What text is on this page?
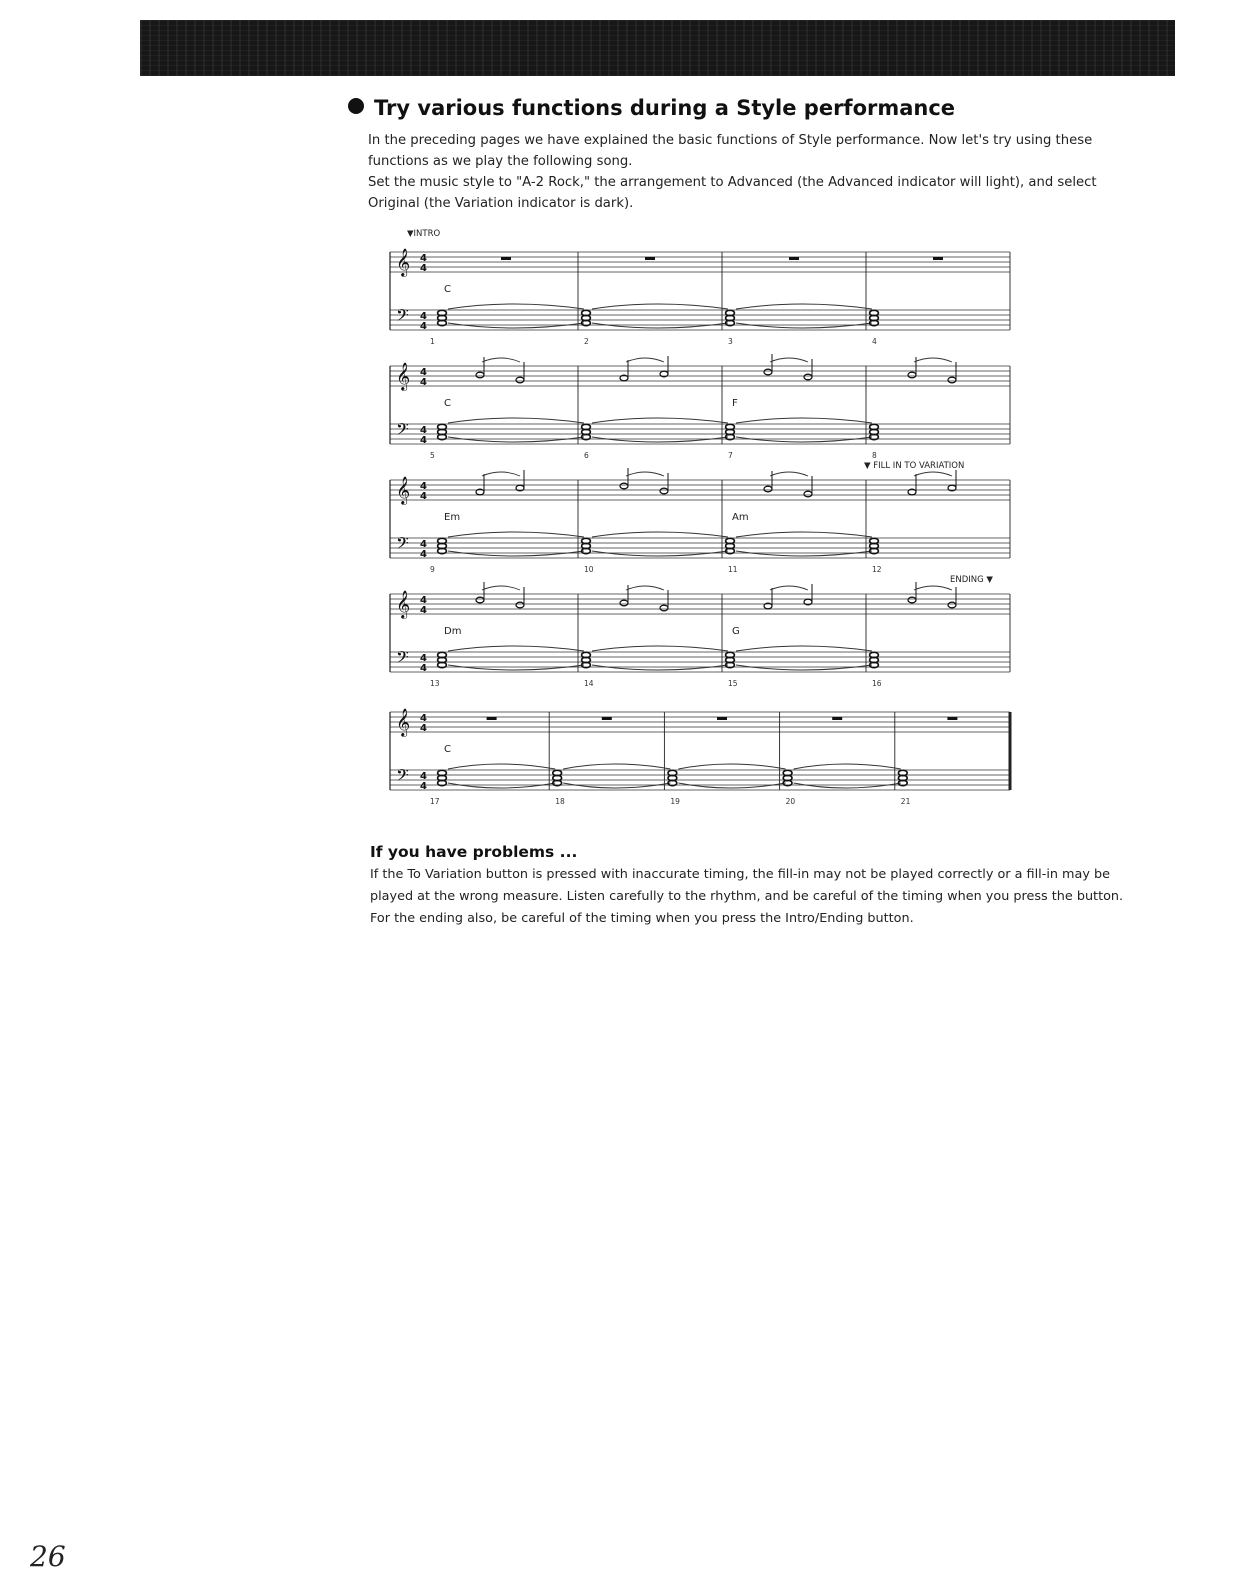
Try various functions during a Style performance

In the preceding pages we have explained the basic functions of Style performance. Now let's try using these functions as we play the following song.

Set the music style to "A-2 Rock," the arrangement to Advanced (the Advanced indicator will light), and select Original (the Variation indicator is dark).

▼INTRO
▼ FILL IN TO VARIATION
ENDING ▼
𝄞
𝄢
4
4
4
4
C
1	2	3	4
𝄞
𝄢
4
4
4
4
C	F
5	6	7	8
𝄞
𝄢
4
4
4
4
Em	Am
9	10	11	12
𝄞
𝄢
4
4
4
4
Dm	G
13	14	15	16
𝄞
𝄢
4
4
4
4
C
17	18	19	20	21
If you have problems ...

If the To Variation button is pressed with inaccurate timing, the fill-in may not be played correctly or a fill-in may be played at the wrong measure. Listen carefully to the rhythm, and be careful of the timing when you press the button. For the ending also, be careful of the timing when you press the Intro/Ending button.

26
